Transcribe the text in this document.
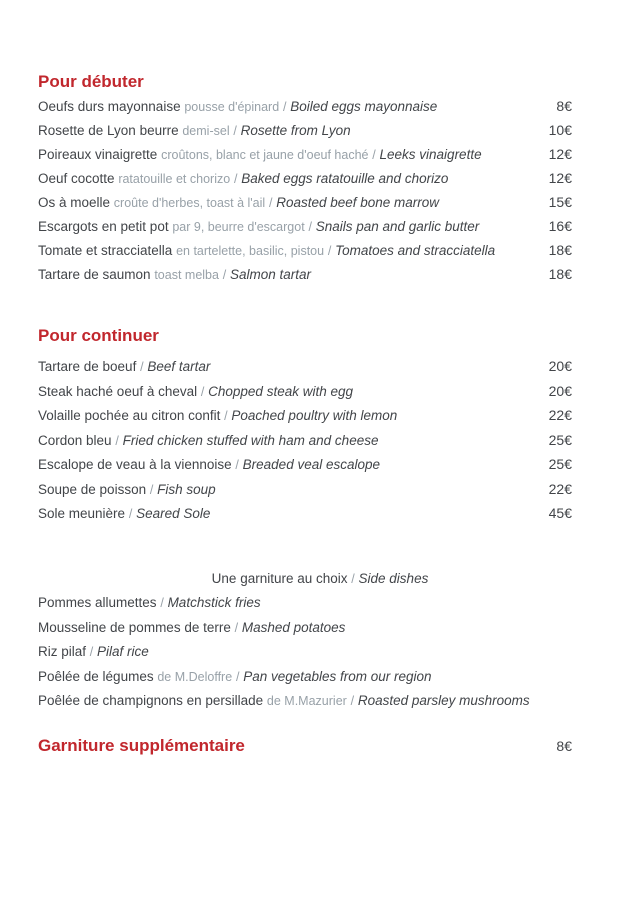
Pour débuter
Oeufs durs mayonnaise pousse d'épinard / Boiled eggs mayonnaise	8€
Rosette de Lyon beurre demi-sel / Rosette from Lyon	10€
Poireaux vinaigrette croûtons, blanc et jaune d'oeuf haché / Leeks vinaigrette	12€
Oeuf cocotte ratatouille et chorizo / Baked eggs ratatouille and chorizo	12€
Os à moelle croûte d'herbes, toast à l'ail / Roasted beef bone marrow	15€
Escargots en petit pot par 9, beurre d'escargot / Snails pan and garlic butter	16€
Tomate et stracciatella en tartelette, basilic, pistou / Tomatoes and stracciatella	18€
Tartare de saumon toast melba / Salmon tartar	18€
Pour continuer
Tartare de boeuf / Beef tartar	20€
Steak haché oeuf à cheval / Chopped steak with egg	20€
Volaille pochée au citron confit / Poached poultry with lemon	22€
Cordon bleu / Fried chicken stuffed with ham and cheese	25€
Escalope de veau à la viennoise / Breaded veal escalope	25€
Soupe de poisson / Fish soup	22€
Sole meunière / Seared Sole	45€
Une garniture au choix / Side dishes
Pommes allumettes / Matchstick fries
Mousseline de pommes de terre / Mashed potatoes
Riz pilaf / Pilaf rice
Poêlée de légumes de M.Deloffre / Pan vegetables from our region
Poêlée de champignons en persillade de M.Mazurier / Roasted parsley mushrooms
Garniture supplémentaire	8€
